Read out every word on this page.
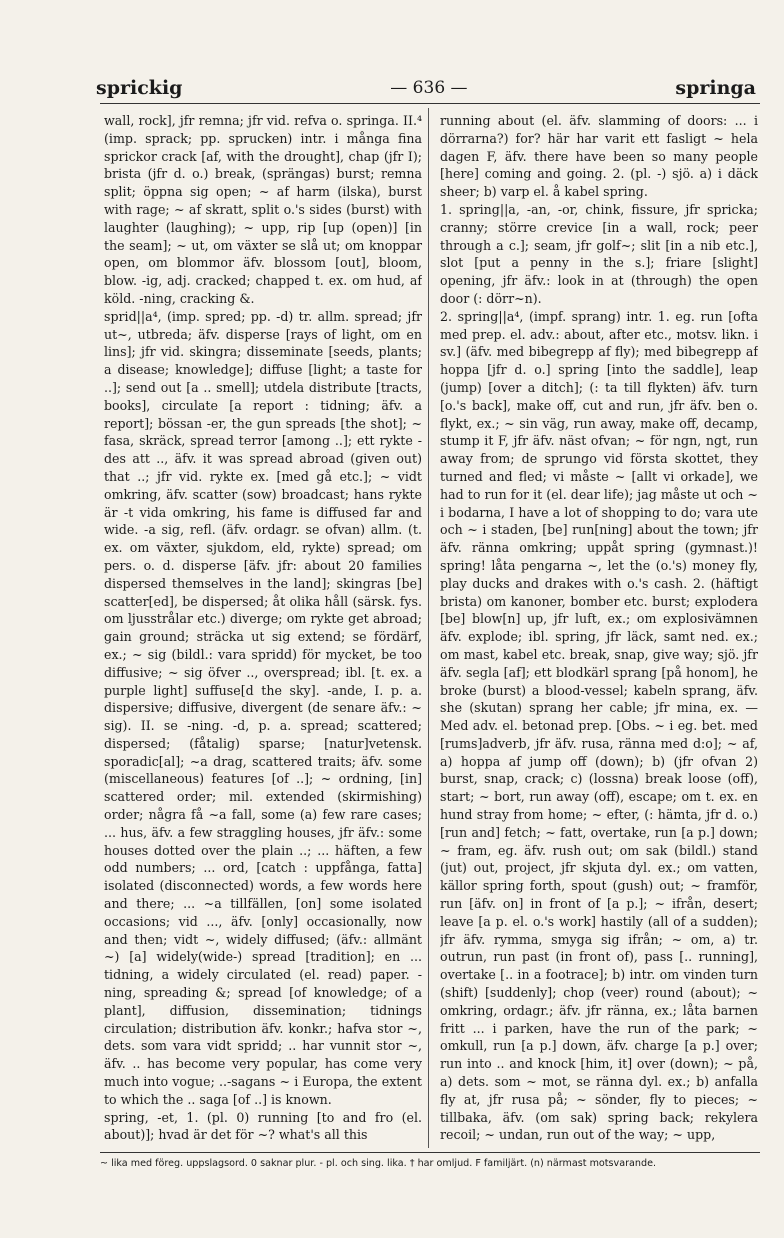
sprickig	— 636 —	springa

wall, rock], jfr remna; jfr vid. refva o. springa. II.⁴ (imp. sprack; pp. sprucken) intr. i många fina sprickor crack [af, with the drought], chap (jfr I); brista (jfr d. o.) break, (sprängas) burst; remna split; öppna sig open; ~ af harm (ilska), burst with rage; ~ af skratt, split o.'s sides (burst) with laughter (laughing); ~ upp, rip [up (open)] [in the seam]; ~ ut, om växter se slå ut; om knoppar open, om blommor äfv. blossom [out], bloom, blow. -ig, adj. cracked; chapped t. ex. om hud, af köld. -ning, cracking &.

sprid||a⁴, (imp. spred; pp. -d) tr. allm. spread; jfr ut~, utbreda; äfv. disperse [rays of light, om en lins]; jfr vid. skingra; disseminate [seeds, plants; a disease; knowledge]; diffuse [light; a taste for ..]; send out [a .. smell]; utdela distribute [tracts, books], circulate [a report : tidning; äfv. a report]; bössan -er, the gun spreads [the shot]; ~ fasa, skräck, spread terror [among ..]; ett rykte -des att .., äfv. it was spread abroad (given out) that ..; jfr vid. rykte ex. [med gå etc.]; ~ vidt omkring, äfv. scatter (sow) broadcast; hans rykte är -t vida omkring, his fame is diffused far and wide. -a sig, refl. (äfv. ordagr. se ofvan) allm. (t. ex. om växter, sjukdom, eld, rykte) spread; om pers. o. d. disperse [äfv. jfr: about 20 families dispersed themselves in the land]; skingras [be] scatter[ed], be dispersed; åt olika håll (särsk. fys. om ljusstrålar etc.) diverge; om rykte get abroad; gain ground; sträcka ut sig extend; se fördärf, ex.; ~ sig (bildl.: vara spridd) för mycket, be too diffusive; ~ sig öfver .., overspread; ibl. [t. ex. a purple light] suffuse[d the sky]. -ande, I. p. a. dispersive; diffusive, divergent (de senare äfv.: ~ sig). II. se -ning. -d, p. a. spread; scattered; dispersed; (fåtalig) sparse; [natur]vetensk. sporadic[al]; ~a drag, scattered traits; äfv. some (miscellaneous) features [of ..]; ~ ordning, [in] scattered order; mil. extended (skirmishing) order; några få ~a fall, some (a) few rare cases; ... hus, äfv. a few straggling houses, jfr äfv.: some houses dotted over the plain ..; ... häften, a few odd numbers; ... ord, [catch : uppfånga, fatta] isolated (disconnected) words, a few words here and there; ... ~a tillfällen, [on] some isolated occasions; vid ..., äfv. [only] occasionally, now and then; vidt ~, widely diffused; (äfv.: allmänt ~) [a] widely(wide-) spread [tradition]; en ... tidning, a widely circulated (el. read) paper. -ning, spreading &; spread [of knowledge; of a plant], diffusion, dissemination; tidnings circulation; distribution äfv. konkr.; hafva stor ~, dets. som vara vidt spridd; .. har vunnit stor ~, äfv. .. has become very popular, has come very much into vogue; ..-sagans ~ i Europa, the extent to which the .. saga [of ..] is known.

spring, -et, 1. (pl. 0) running [to and fro (el. about)]; hvad är det för ~? what's all this

running about (el. äfv. slamming of doors: ... i dörrarna?) for? här har varit ett fasligt ~ hela dagen F, äfv. there have been so many people [here] coming and going. 2. (pl. -) sjö. a) i däck sheer; b) varp el. å kabel spring.

1. spring||a, -an, -or, chink, fissure, jfr spricka; cranny; större crevice [in a wall, rock; peer through a c.]; seam, jfr golf~; slit [in a nib etc.], slot [put a penny in the s.]; friare [slight] opening, jfr äfv.: look in at (through) the open door (: dörr~n).

2. spring||a⁴, (impf. sprang) intr. 1. eg. run [ofta med prep. el. adv.: about, after etc., motsv. likn. i sv.] (äfv. med bibegrepp af fly); med bibegrepp af hoppa [jfr d. o.] spring [into the saddle], leap (jump) [over a ditch]; (: ta till flykten) äfv. turn [o.'s back], make off, cut and run, jfr äfv. ben o. flykt, ex.; ~ sin väg, run away, make off, decamp, stump it F, jfr äfv. näst ofvan; ~ för ngn, ngt, run away from; de sprungo vid första skottet, they turned and fled; vi måste ~ [allt vi orkade], we had to run for it (el. dear life); jag måste ut och ~ i bodarna, I have a lot of shopping to do; vara ute och ~ i staden, [be] run[ning] about the town; jfr äfv. ränna omkring; uppåt spring (gymnast.)! spring! låta pengarna ~, let the (o.'s) money fly, play ducks and drakes with o.'s cash. 2. (häftigt brista) om kanoner, bomber etc. burst; explodera [be] blow[n] up, jfr luft, ex.; om explosivämnen äfv. explode; ibl. spring, jfr läck, samt ned. ex.; om mast, kabel etc. break, snap, give way; sjö. jfr äfv. segla [af]; ett blodkärl sprang [på honom], he broke (burst) a blood-vessel; kabeln sprang, äfv. she (skutan) sprang her cable; jfr mina, ex. — Med adv. el. betonad prep. [Obs. ~ i eg. bet. med [rums]adverb, jfr äfv. rusa, ränna med d:o]; ~ af, a) hoppa af jump off (down); b) (jfr ofvan 2) burst, snap, crack; c) (lossna) break loose (off), start; ~ bort, run away (off), escape; om t. ex. en hund stray from home; ~ efter, (: hämta, jfr d. o.) [run and] fetch; ~ fatt, overtake, run [a p.] down; ~ fram, eg. äfv. rush out; om sak (bildl.) stand (jut) out, project, jfr skjuta dyl. ex.; om vatten, källor spring forth, spout (gush) out; ~ framför, run [äfv. on] in front of [a p.]; ~ ifrån, desert; leave [a p. el. o.'s work] hastily (all of a sudden); jfr äfv. rymma, smyga sig ifrån; ~ om, a) tr. outrun, run past (in front of), pass [.. running], overtake [.. in a footrace]; b) intr. om vinden turn (shift) [suddenly]; chop (veer) round (about); ~ omkring, ordagr.; äfv. jfr ränna, ex.; låta barnen fritt ... i parken, have the run of the park; ~ omkull, run [a p.] down, äfv. charge [a p.] over; run into .. and knock [him, it] over (down); ~ på, a) dets. som ~ mot, se ränna dyl. ex.; b) anfalla fly at, jfr rusa på; ~ sönder, fly to pieces; ~ tillbaka, äfv. (om sak) spring back; rekylera recoil; ~ undan, run out of the way; ~ upp,

~ lika med föreg. uppslagsord. 0 saknar plur. - pl. och sing. lika. † har omljud. F familjärt. (n) närmast motsvarande.
